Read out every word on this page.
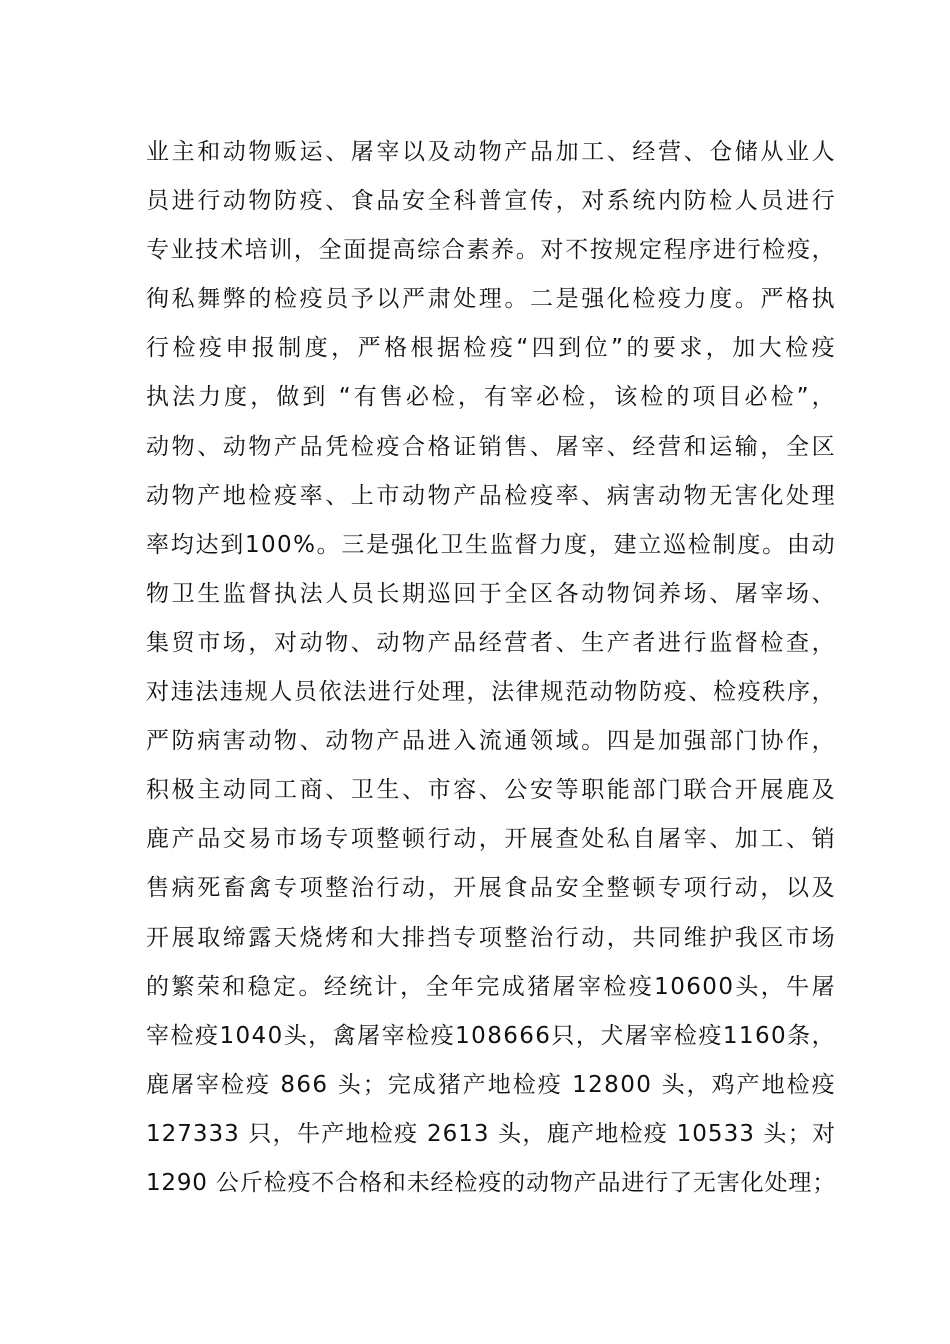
业主和动物贩运、屠宰以及动物产品加工、经营、仓储从业人
员进行动物防疫、食品安全科普宣传，对系统内防检人员进行
专业技术培训，全面提高综合素养。对不按规定程序进行检疫，
徇私舞弊的检疫员予以严肃处理。二是强化检疫力度。严格执
行检疫申报制度，严格根据检疫“四到位”的要求，加大检疫
执法力度，做到 “有售必检，有宰必检，该检的项目必检”，
动物、动物产品凭检疫合格证销售、屠宰、经营和运输，全区
动物产地检疫率、上市动物产品检疫率、病害动物无害化处理
率均达到100%。三是强化卫生监督力度，建立巡检制度。由动
物卫生监督执法人员长期巡回于全区各动物饲养场、屠宰场、
集贸市场，对动物、动物产品经营者、生产者进行监督检查，
对违法违规人员依法进行处理，法律规范动物防疫、检疫秩序，
严防病害动物、动物产品进入流通领域。四是加强部门协作，
积极主动同工商、卫生、市容、公安等职能部门联合开展鹿及
鹿产品交易市场专项整顿行动，开展查处私自屠宰、加工、销
售病死畜禽专项整治行动，开展食品安全整顿专项行动，以及
开展取缔露天烧烤和大排挡专项整治行动，共同维护我区市场
的繁荣和稳定。经统计，全年完成猪屠宰检疫10600头，牛屠
宰检疫1040头，禽屠宰检疫108666只，犬屠宰检疫1160条，
鹿屠宰检疫 866 头；完成猪产地检疫 12800 头，鸡产地检疫
127333 只，牛产地检疫 2613 头，鹿产地检疫 10533 头；对
1290 公斤检疫不合格和未经检疫的动物产品进行了无害化处理；
